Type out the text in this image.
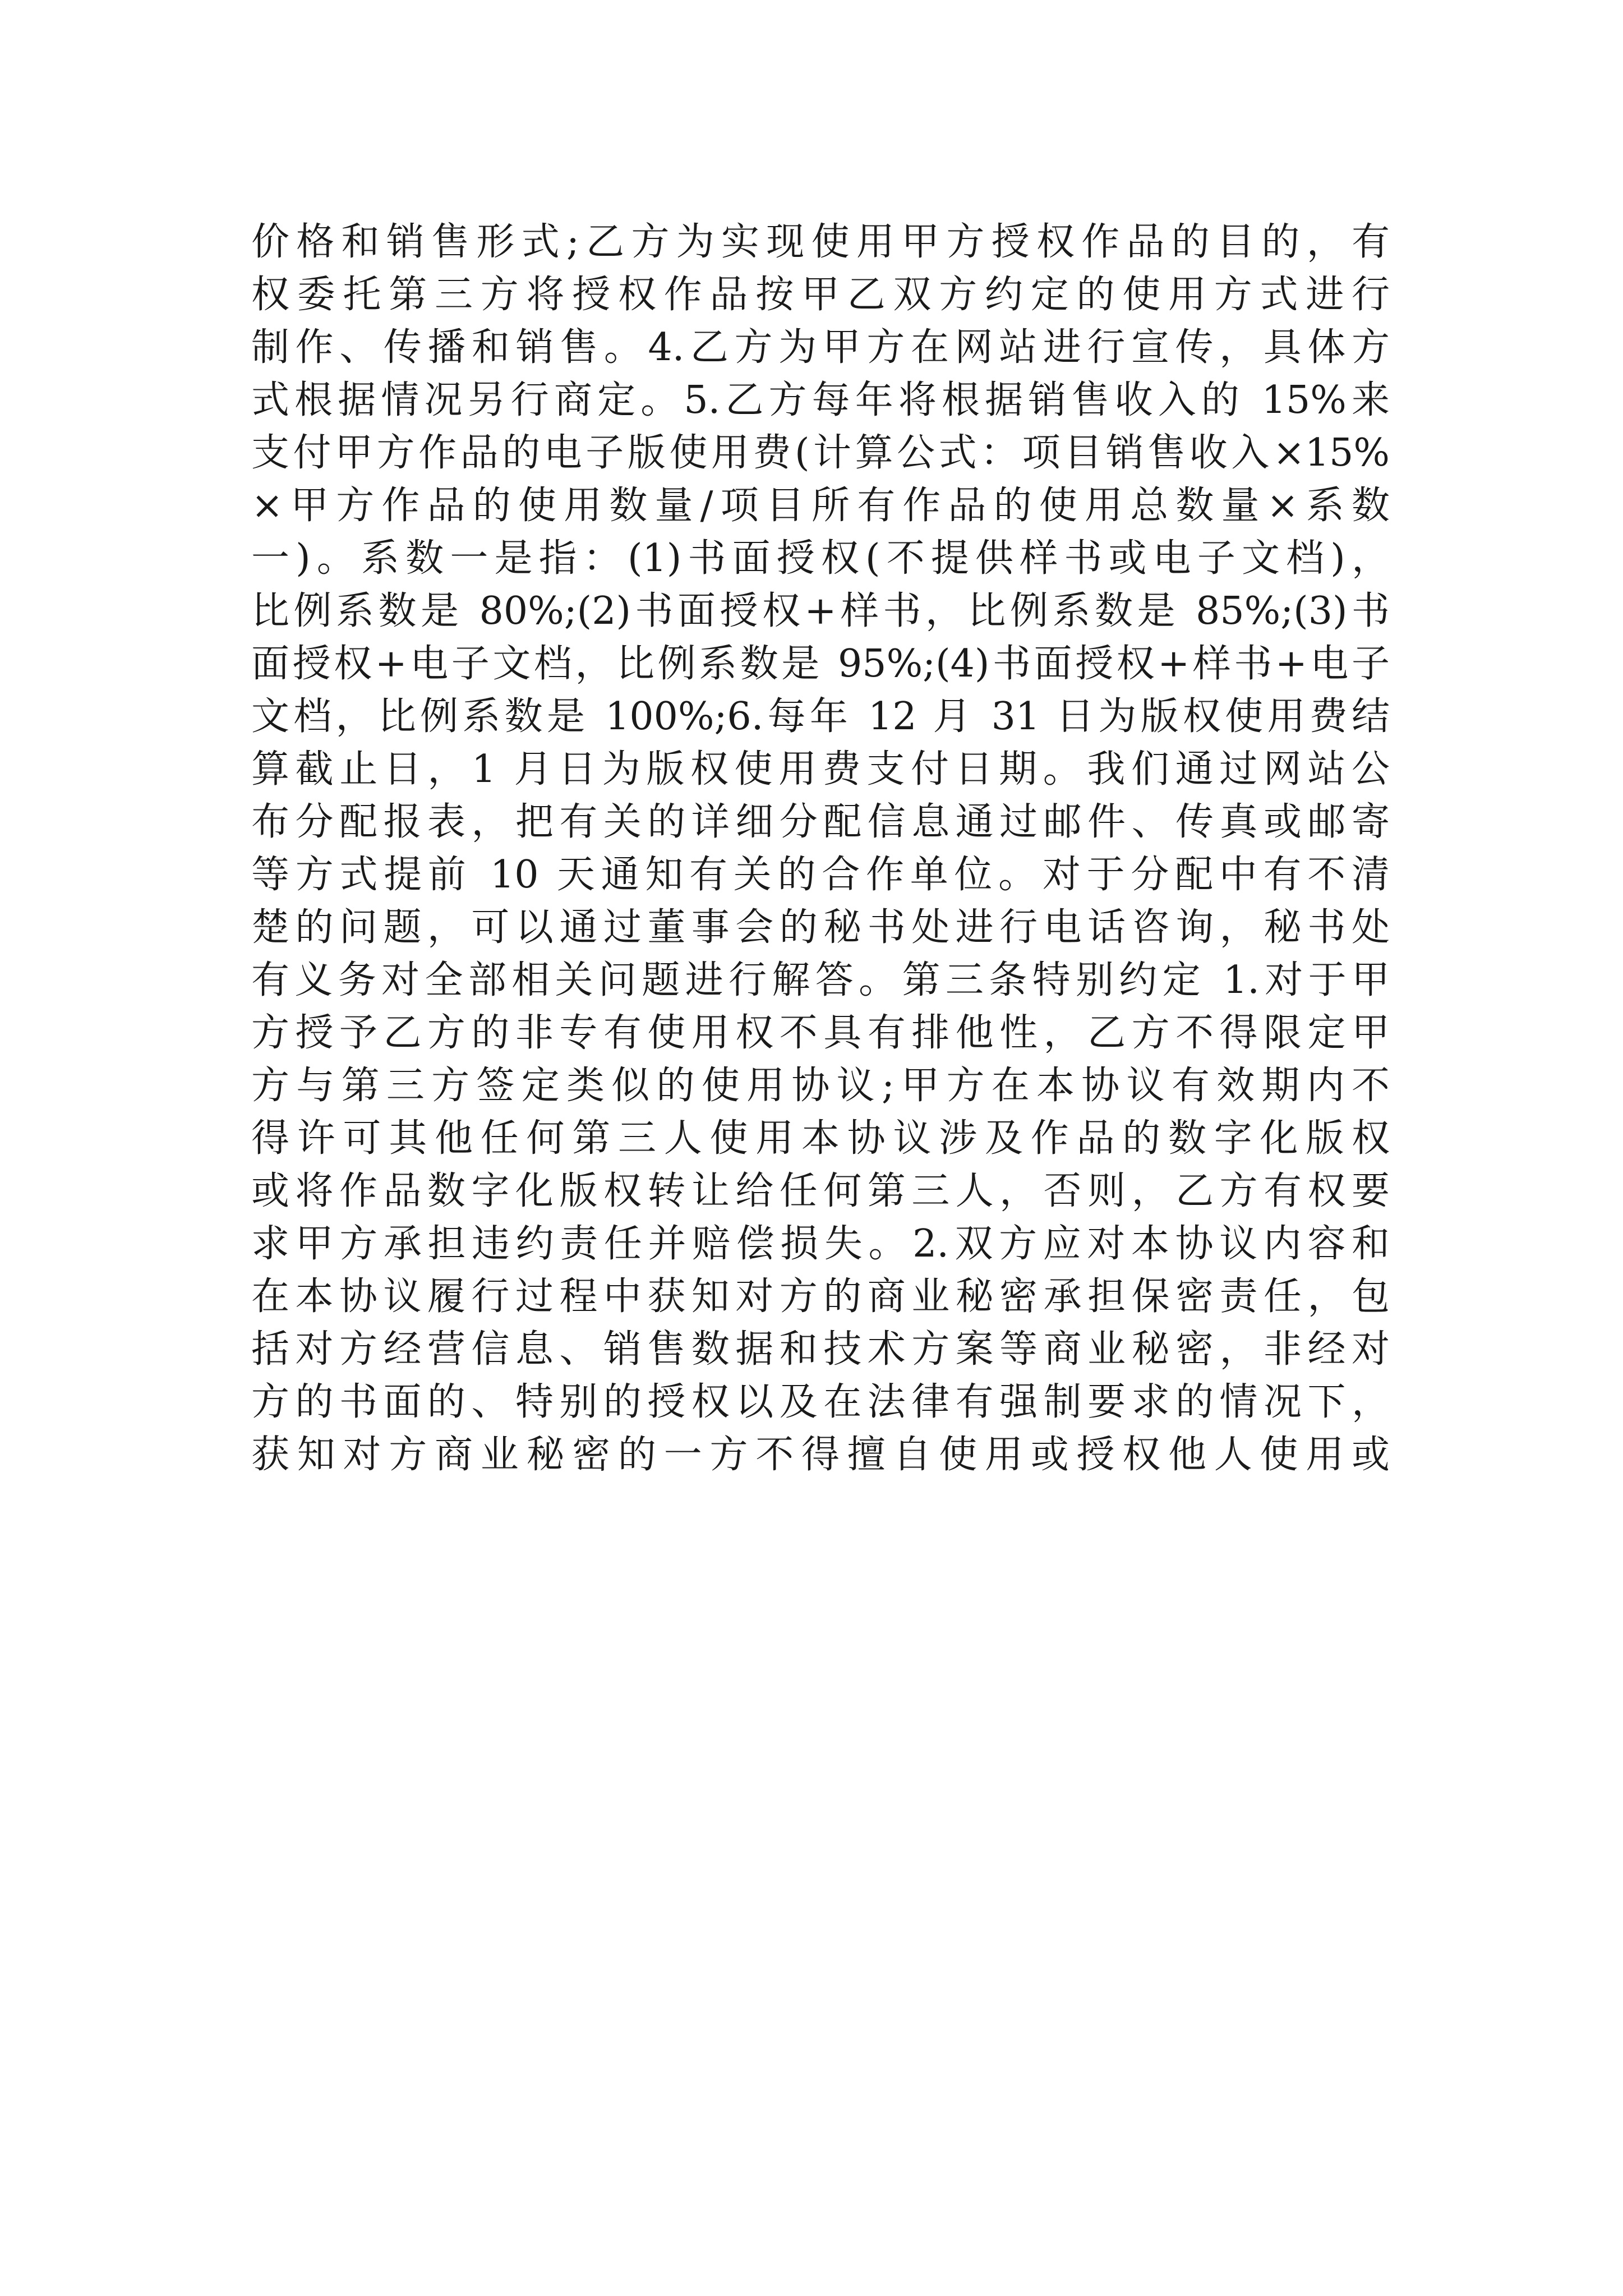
价格和销售形式;乙方为实现使用甲方授权作品的目的，有
权委托第三方将授权作品按甲乙双方约定的使用方式进行
制作、传播和销售。4.乙方为甲方在网站进行宣传，具体方
式根据情况另行商定。5.乙方每年将根据销售收入的 15%来
支付甲方作品的电子版使用费(计算公式：项目销售收入×15%
×甲方作品的使用数量/项目所有作品的使用总数量×系数
一)。系数一是指：(1)书面授权(不提供样书或电子文档)，
比例系数是 80%;(2)书面授权+样书，比例系数是 85%;(3)书
面授权+电子文档，比例系数是 95%;(4)书面授权+样书+电子
文档，比例系数是 100%;6.每年 12 月 31 日为版权使用费结
算截止日，1 月日为版权使用费支付日期。我们通过网站公
布分配报表，把有关的详细分配信息通过邮件、传真或邮寄
等方式提前 10 天通知有关的合作单位。对于分配中有不清
楚的问题，可以通过董事会的秘书处进行电话咨询，秘书处
有义务对全部相关问题进行解答。第三条特别约定 1.对于甲
方授予乙方的非专有使用权不具有排他性，乙方不得限定甲
方与第三方签定类似的使用协议;甲方在本协议有效期内不
得许可其他任何第三人使用本协议涉及作品的数字化版权
或将作品数字化版权转让给任何第三人，否则，乙方有权要
求甲方承担违约责任并赔偿损失。2.双方应对本协议内容和
在本协议履行过程中获知对方的商业秘密承担保密责任，包
括对方经营信息、销售数据和技术方案等商业秘密，非经对
方的书面的、特别的授权以及在法律有强制要求的情况下，
获知对方商业秘密的一方不得擅自使用或授权他人使用或
